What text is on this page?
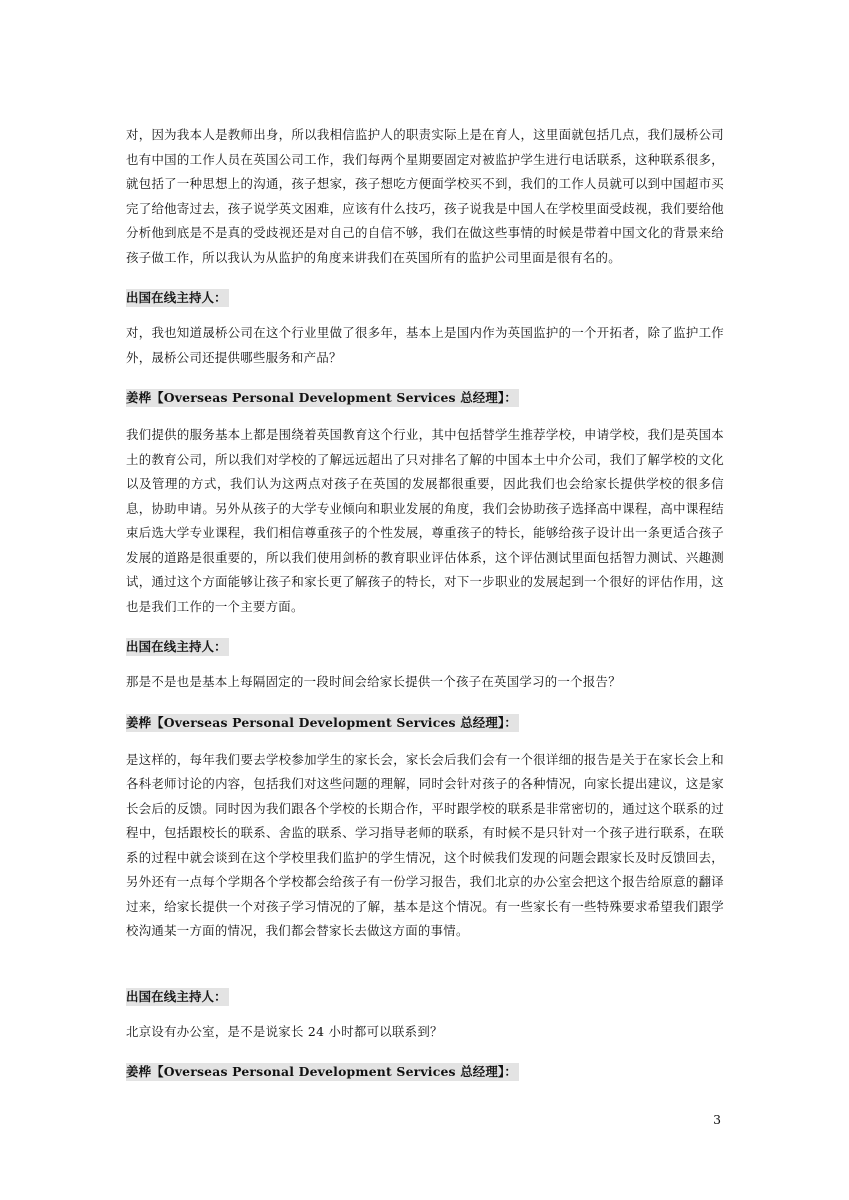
对，因为我本人是教师出身，所以我相信监护人的职责实际上是在育人，这里面就包括几点，我们晟桥公司也有中国的工作人员在英国公司工作，我们每两个星期要固定对被监护学生进行电话联系，这种联系很多，就包括了一种思想上的沟通，孩子想家，孩子想吃方便面学校买不到，我们的工作人员就可以到中国超市买完了给他寄过去，孩子说学英文困难，应该有什么技巧，孩子说我是中国人在学校里面受歧视，我们要给他分析他到底是不是真的受歧视还是对自己的自信不够，我们在做这些事情的时候是带着中国文化的背景来给孩子做工作，所以我认为从监护的角度来讲我们在英国所有的监护公司里面是很有名的。

出国在线主持人：

对，我也知道晟桥公司在这个行业里做了很多年，基本上是国内作为英国监护的一个开拓者，除了监护工作外，晟桥公司还提供哪些服务和产品？

姜桦【Overseas Personal Development Services 总经理】：

我们提供的服务基本上都是围绕着英国教育这个行业，其中包括替学生推荐学校，申请学校，我们是英国本土的教育公司，所以我们对学校的了解远远超出了只对排名了解的中国本土中介公司，我们了解学校的文化以及管理的方式，我们认为这两点对孩子在英国的发展都很重要，因此我们也会给家长提供学校的很多信息，协助申请。另外从孩子的大学专业倾向和职业发展的角度，我们会协助孩子选择高中课程，高中课程结束后选大学专业课程，我们相信尊重孩子的个性发展，尊重孩子的特长，能够给孩子设计出一条更适合孩子发展的道路是很重要的，所以我们使用剑桥的教育职业评估体系，这个评估测试里面包括智力测试、兴趣测试，通过这个方面能够让孩子和家长更了解孩子的特长，对下一步职业的发展起到一个很好的评估作用，这也是我们工作的一个主要方面。

出国在线主持人：

那是不是也是基本上每隔固定的一段时间会给家长提供一个孩子在英国学习的一个报告？

姜桦【Overseas Personal Development Services 总经理】：

是这样的，每年我们要去学校参加学生的家长会，家长会后我们会有一个很详细的报告是关于在家长会上和各科老师讨论的内容，包括我们对这些问题的理解，同时会针对孩子的各种情况，向家长提出建议，这是家长会后的反馈。同时因为我们跟各个学校的长期合作，平时跟学校的联系是非常密切的，通过这个联系的过程中，包括跟校长的联系、舍监的联系、学习指导老师的联系，有时候不是只针对一个孩子进行联系，在联系的过程中就会谈到在这个学校里我们监护的学生情况，这个时候我们发现的问题会跟家长及时反馈回去，另外还有一点每个学期各个学校都会给孩子有一份学习报告，我们北京的办公室会把这个报告给原意的翻译过来，给家长提供一个对孩子学习情况的了解，基本是这个情况。有一些家长有一些特殊要求希望我们跟学校沟通某一方面的情况，我们都会替家长去做这方面的事情。

出国在线主持人：

北京设有办公室，是不是说家长 24 小时都可以联系到？

姜桦【Overseas Personal Development Services 总经理】：

3
